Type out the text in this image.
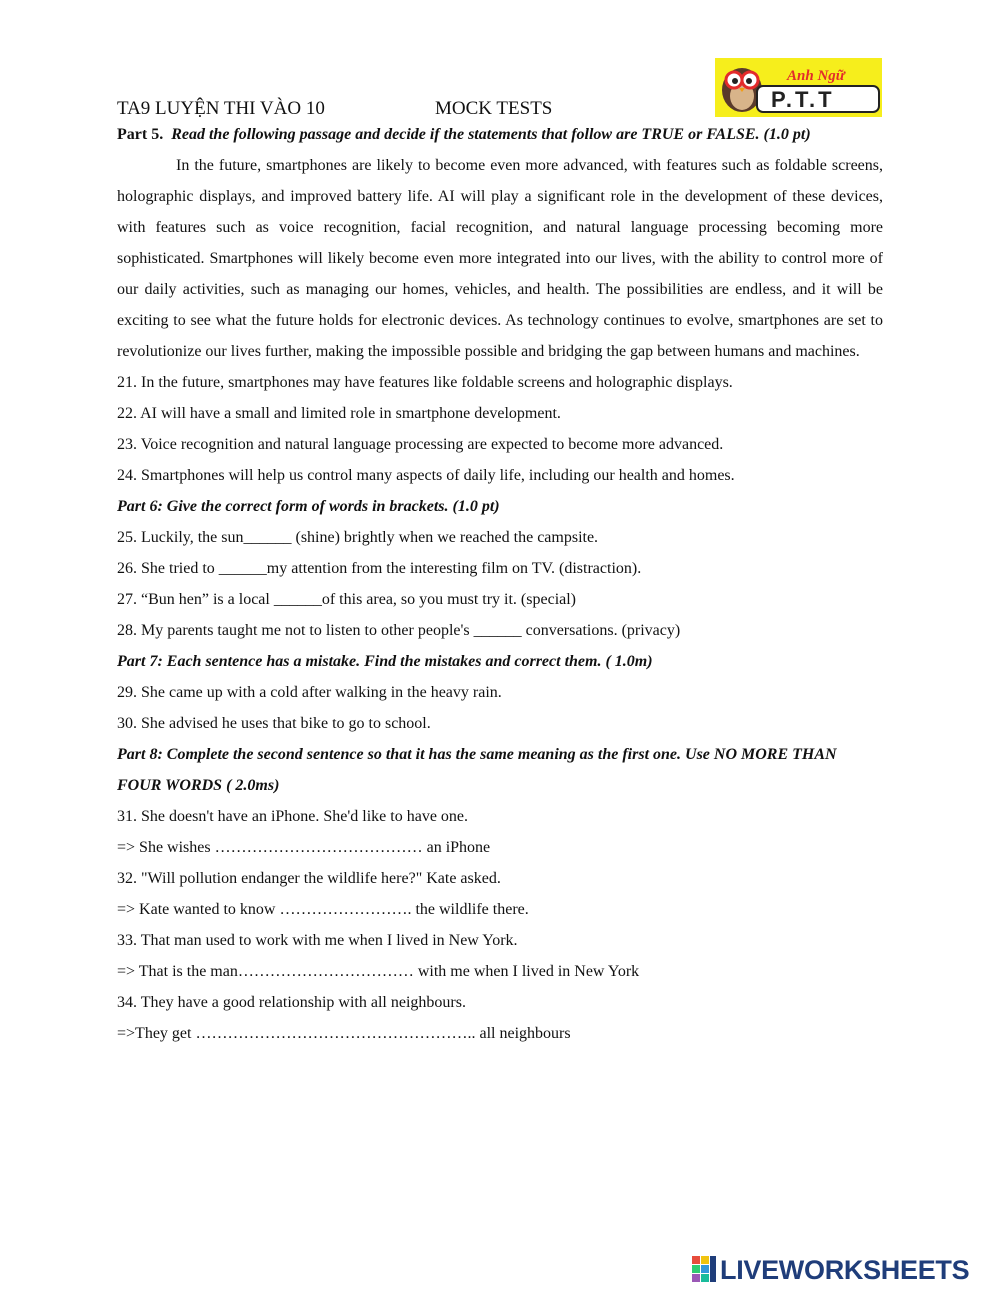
TA9 LUYỆN THI VÀO 10	MOCK TESTS
Anh Ngữ
P.T.T
Part 5. Read the following passage and decide if the statements that follow are TRUE or FALSE. (1.0 pt)
In the future, smartphones are likely to become even more advanced, with features such as foldable screens, holographic displays, and improved battery life. AI will play a significant role in the development of these devices, with features such as voice recognition, facial recognition, and natural language processing becoming more sophisticated. Smartphones will likely become even more integrated into our lives, with the ability to control more of our daily activities, such as managing our homes, vehicles, and health. The possibilities are endless, and it will be exciting to see what the future holds for electronic devices. As technology continues to evolve, smartphones are set to revolutionize our lives further, making the impossible possible and bridging the gap between humans and machines.
21. In the future, smartphones may have features like foldable screens and holographic displays.
22. AI will have a small and limited role in smartphone development.
23. Voice recognition and natural language processing are expected to become more advanced.
24. Smartphones will help us control many aspects of daily life, including our health and homes.
Part 6: Give the correct form of words in brackets. (1.0 pt)
25. Luckily, the sun______ (shine) brightly when we reached the campsite.
26. She tried to ______my attention from the interesting film on TV. (distraction).
27. “Bun hen” is a local ______of this area, so you must try it. (special)
28. My parents taught me not to listen to other people's ______ conversations. (privacy)
Part 7: Each sentence has a mistake. Find the mistakes and correct them. ( 1.0m)
29. She came up with a cold after walking in the heavy rain.
30. She advised he uses that bike to go to school.
Part 8: Complete the second sentence so that it has the same meaning as the first one. Use NO MORE THAN FOUR WORDS ( 2.0ms)
31. She doesn't have an iPhone. She'd like to have one.
=> She wishes ………………………………… an iPhone
32. "Will pollution endanger the wildlife here?" Kate asked.
=> Kate wanted to know ……………………. the wildlife there.
33. That man used to work with me when I lived in New York.
=> That is the man…………………………… with me when I lived in New York
34. They have a good relationship with all neighbours.
=>They get …………………………………………….. all neighbours
LIVEWORKSHEETS
